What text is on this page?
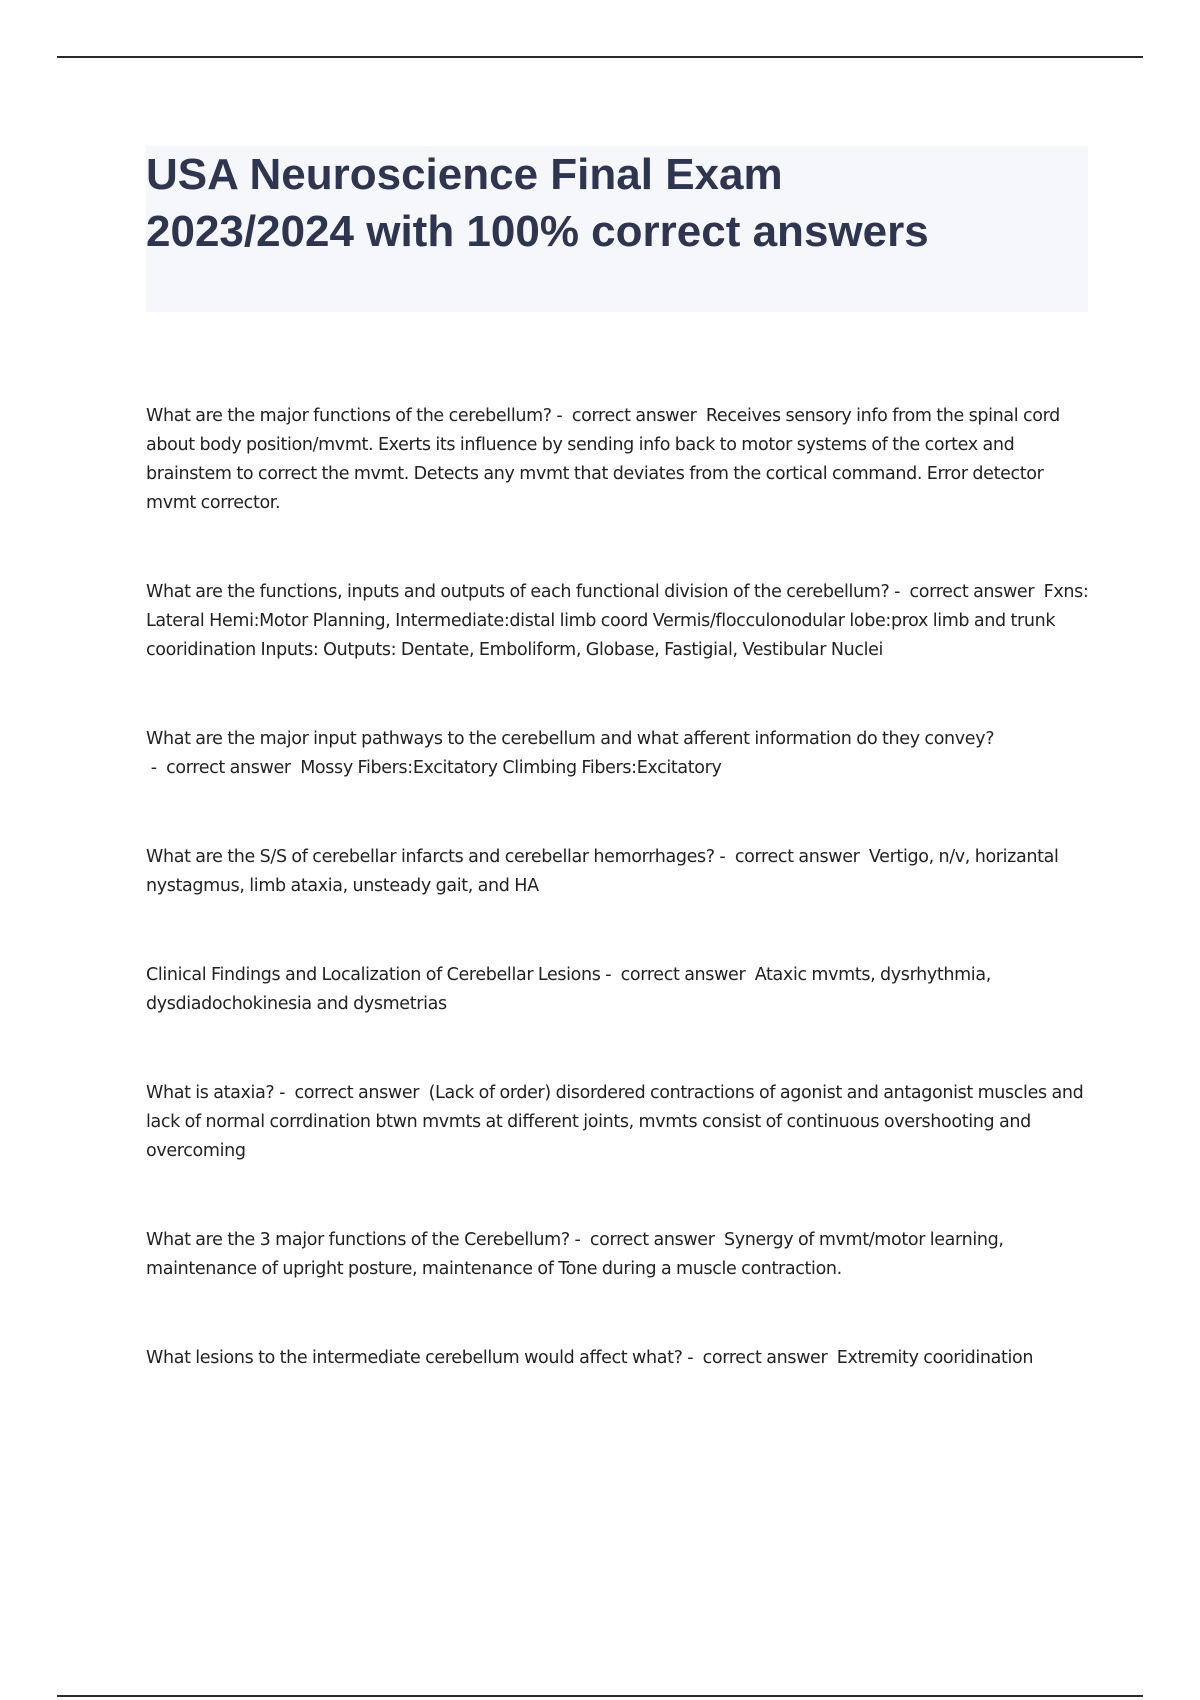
USA Neuroscience Final Exam
2023/2024 with 100% correct answers
What are the major functions of the cerebellum? -  correct answer  Receives sensory info from the spinal cord about body position/mvmt. Exerts its influence by sending info back to motor systems of the cortex and brainstem to correct the mvmt. Detects any mvmt that deviates from the cortical command. Error detector mvmt corrector.
What are the functions, inputs and outputs of each functional division of the cerebellum? -  correct answer  Fxns: Lateral Hemi:Motor Planning, Intermediate:distal limb coord Vermis/flocculonodular lobe:prox limb and trunk cooridination Inputs: Outputs: Dentate, Emboliform, Globase, Fastigial, Vestibular Nuclei
What are the major input pathways to the cerebellum and what afferent information do they convey? -  correct answer  Mossy Fibers:Excitatory Climbing Fibers:Excitatory
What are the S/S of cerebellar infarcts and cerebellar hemorrhages? -  correct answer  Vertigo, n/v, horizantal nystagmus, limb ataxia, unsteady gait, and HA
Clinical Findings and Localization of Cerebellar Lesions -  correct answer  Ataxic mvmts, dysrhythmia, dysdiadochokinesia and dysmetrias
What is ataxia? -  correct answer  (Lack of order) disordered contractions of agonist and antagonist muscles and lack of normal corrdination btwn mvmts at different joints, mvmts consist of continuous overshooting and overcoming
What are the 3 major functions of the Cerebellum? -  correct answer  Synergy of mvmt/motor learning, maintenance of upright posture, maintenance of Tone during a muscle contraction.
What lesions to the intermediate cerebellum would affect what? -  correct answer  Extremity cooridination
